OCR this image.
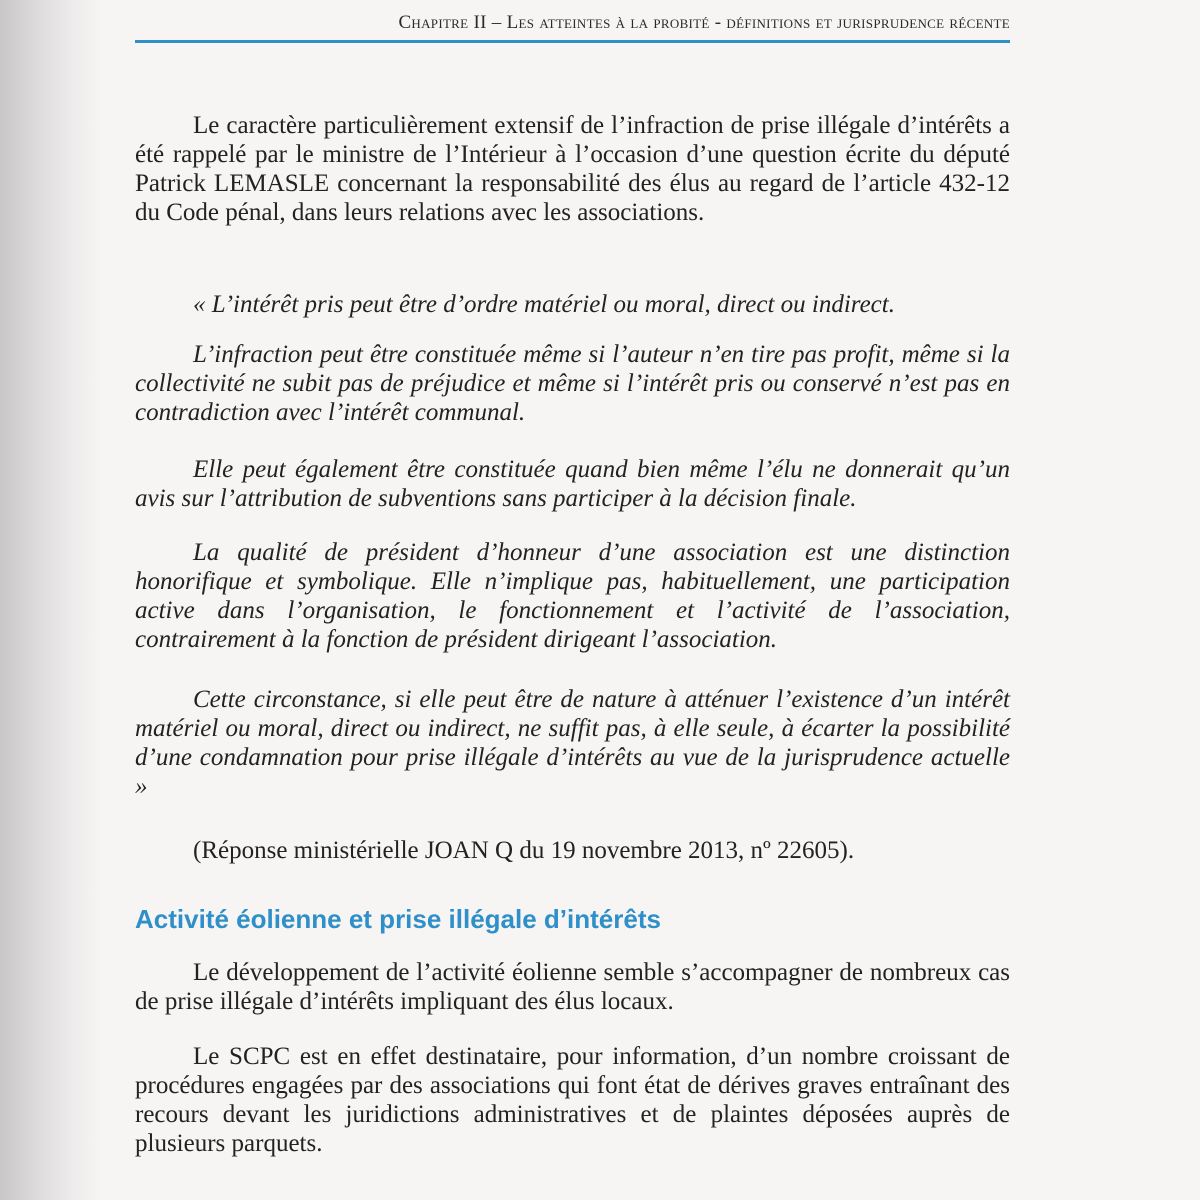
Chapitre II – Les atteintes à la probité - définitions et jurisprudence récente

Le caractère particulièrement extensif de l’infraction de prise illégale d’intérêts a été rappelé par le ministre de l’Intérieur à l’occasion d’une question écrite du député Patrick LEMASLE concernant la responsabilité des élus au regard de l’article 432-12 du Code pénal, dans leurs relations avec les associations.

« L’intérêt pris peut être d’ordre matériel ou moral, direct ou indirect.

L’infraction peut être constituée même si l’auteur n’en tire pas profit, même si la collectivité ne subit pas de préjudice et même si l’intérêt pris ou conservé n’est pas en contradiction avec l’intérêt communal.

Elle peut également être constituée quand bien même l’élu ne donnerait qu’un avis sur l’attribution de subventions sans participer à la décision finale.

La qualité de président d’honneur d’une association est une distinction honorifique et symbolique. Elle n’implique pas, habituellement, une participation active dans l’organisation, le fonctionnement et l’activité de l’association, contrairement à la fonction de président dirigeant l’association.

Cette circonstance, si elle peut être de nature à atténuer l’existence d’un intérêt matériel ou moral, direct ou indirect, ne suffit pas, à elle seule, à écarter la possibilité d’une condamnation pour prise illégale d’intérêts au vue de la jurisprudence actuelle »

(Réponse ministérielle JOAN Q du 19 novembre 2013, nº 22605).

Activité éolienne et prise illégale d’intérêts

Le développement de l’activité éolienne semble s’accompagner de nombreux cas de prise illégale d’intérêts impliquant des élus locaux.

Le SCPC est en effet destinataire, pour information, d’un nombre croissant de procédures engagées par des associations qui font état de dérives graves entraînant des recours devant les juridictions administratives et de plaintes déposées auprès de plusieurs parquets.
